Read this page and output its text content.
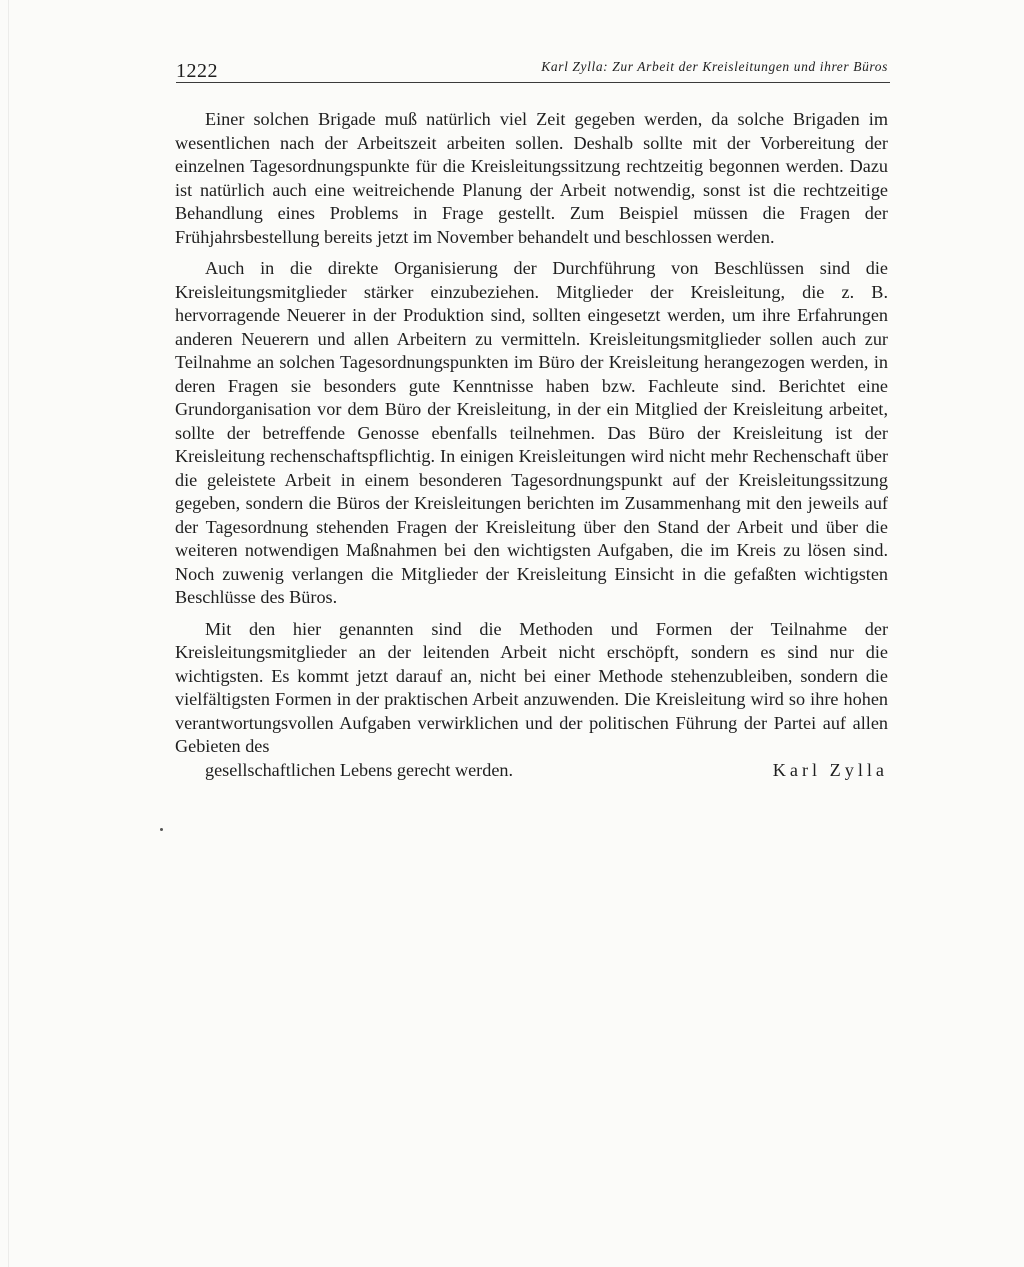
1222	Karl Zylla: Zur Arbeit der Kreisleitungen und ihrer Büros

Einer solchen Brigade muß natürlich viel Zeit gegeben werden, da solche Brigaden im wesentlichen nach der Arbeitszeit arbeiten sollen. Deshalb sollte mit der Vorbereitung der einzelnen Tagesordnungspunkte für die Kreisleitungssitzung rechtzeitig begonnen werden. Dazu ist natürlich auch eine weitreichende Planung der Arbeit notwendig, sonst ist die rechtzeitige Behandlung eines Problems in Frage gestellt. Zum Beispiel müssen die Fragen der Frühjahrsbestellung bereits jetzt im November behandelt und beschlossen werden.

Auch in die direkte Organisierung der Durchführung von Beschlüssen sind die Kreisleitungsmitglieder stärker einzubeziehen. Mitglieder der Kreisleitung, die z. B. hervorragende Neuerer in der Produktion sind, sollten eingesetzt werden, um ihre Erfahrungen anderen Neuerern und allen Arbeitern zu vermitteln. Kreisleitungsmitglieder sollen auch zur Teilnahme an solchen Tagesordnungspunkten im Büro der Kreisleitung herangezogen werden, in deren Fragen sie besonders gute Kenntnisse haben bzw. Fachleute sind. Berichtet eine Grundorganisation vor dem Büro der Kreisleitung, in der ein Mitglied der Kreisleitung arbeitet, sollte der betreffende Genosse ebenfalls teilnehmen. Das Büro der Kreisleitung ist der Kreisleitung rechenschaftspflichtig. In einigen Kreisleitungen wird nicht mehr Rechenschaft über die geleistete Arbeit in einem besonderen Tagesordnungspunkt auf der Kreisleitungssitzung gegeben, sondern die Büros der Kreisleitungen berichten im Zusammenhang mit den jeweils auf der Tagesordnung stehenden Fragen der Kreisleitung über den Stand der Arbeit und über die weiteren notwendigen Maßnahmen bei den wichtigsten Aufgaben, die im Kreis zu lösen sind. Noch zuwenig verlangen die Mitglieder der Kreisleitung Einsicht in die gefaßten wichtigsten Beschlüsse des Büros.

Mit den hier genannten sind die Methoden und Formen der Teilnahme der Kreisleitungsmitglieder an der leitenden Arbeit nicht erschöpft, sondern es sind nur die wichtigsten. Es kommt jetzt darauf an, nicht bei einer Methode stehenzubleiben, sondern die vielfältigsten Formen in der praktischen Arbeit anzuwenden. Die Kreisleitung wird so ihre hohen verantwortungsvollen Aufgaben verwirklichen und der politischen Führung der Partei auf allen Gebieten des

gesellschaftlichen Lebens gerecht werden.	Karl Zylla
